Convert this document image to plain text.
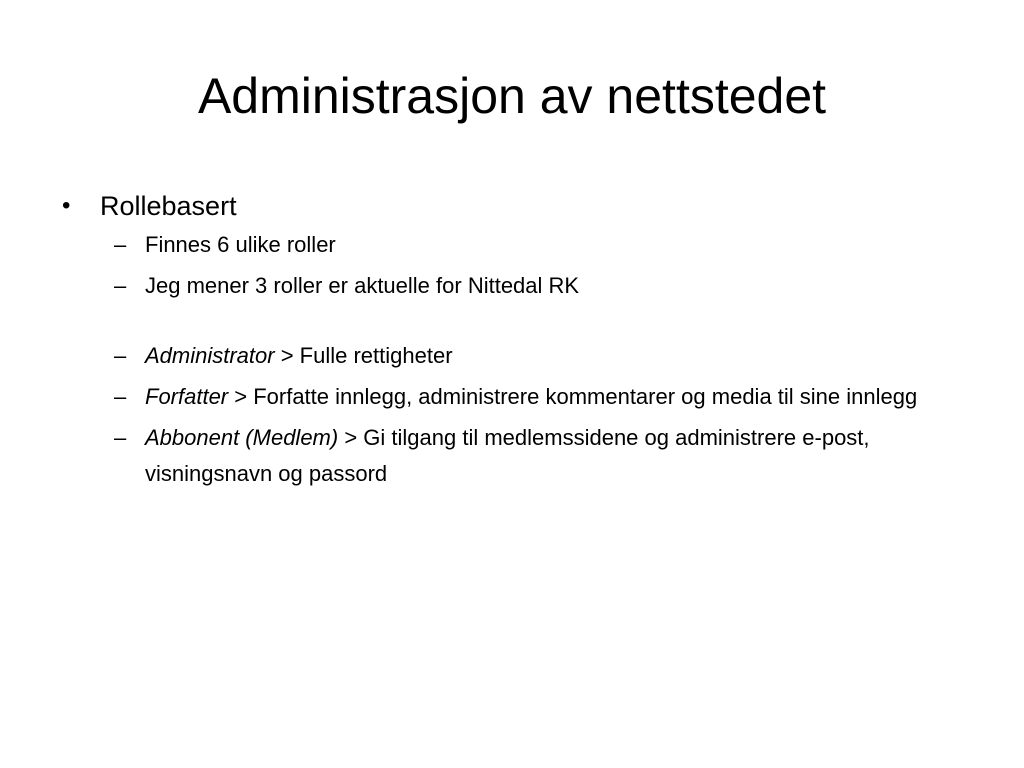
Administrasjon av nettstedet
• Rollebasert
– Finnes 6 ulike roller
– Jeg mener 3 roller er aktuelle for Nittedal RK
– Administrator > Fulle rettigheter
– Forfatter > Forfatte innlegg, administrere kommentarer og media til sine innlegg
– Abbonent (Medlem) > Gi tilgang til medlemssidene og administrere e-post, visningsnavn og passord
